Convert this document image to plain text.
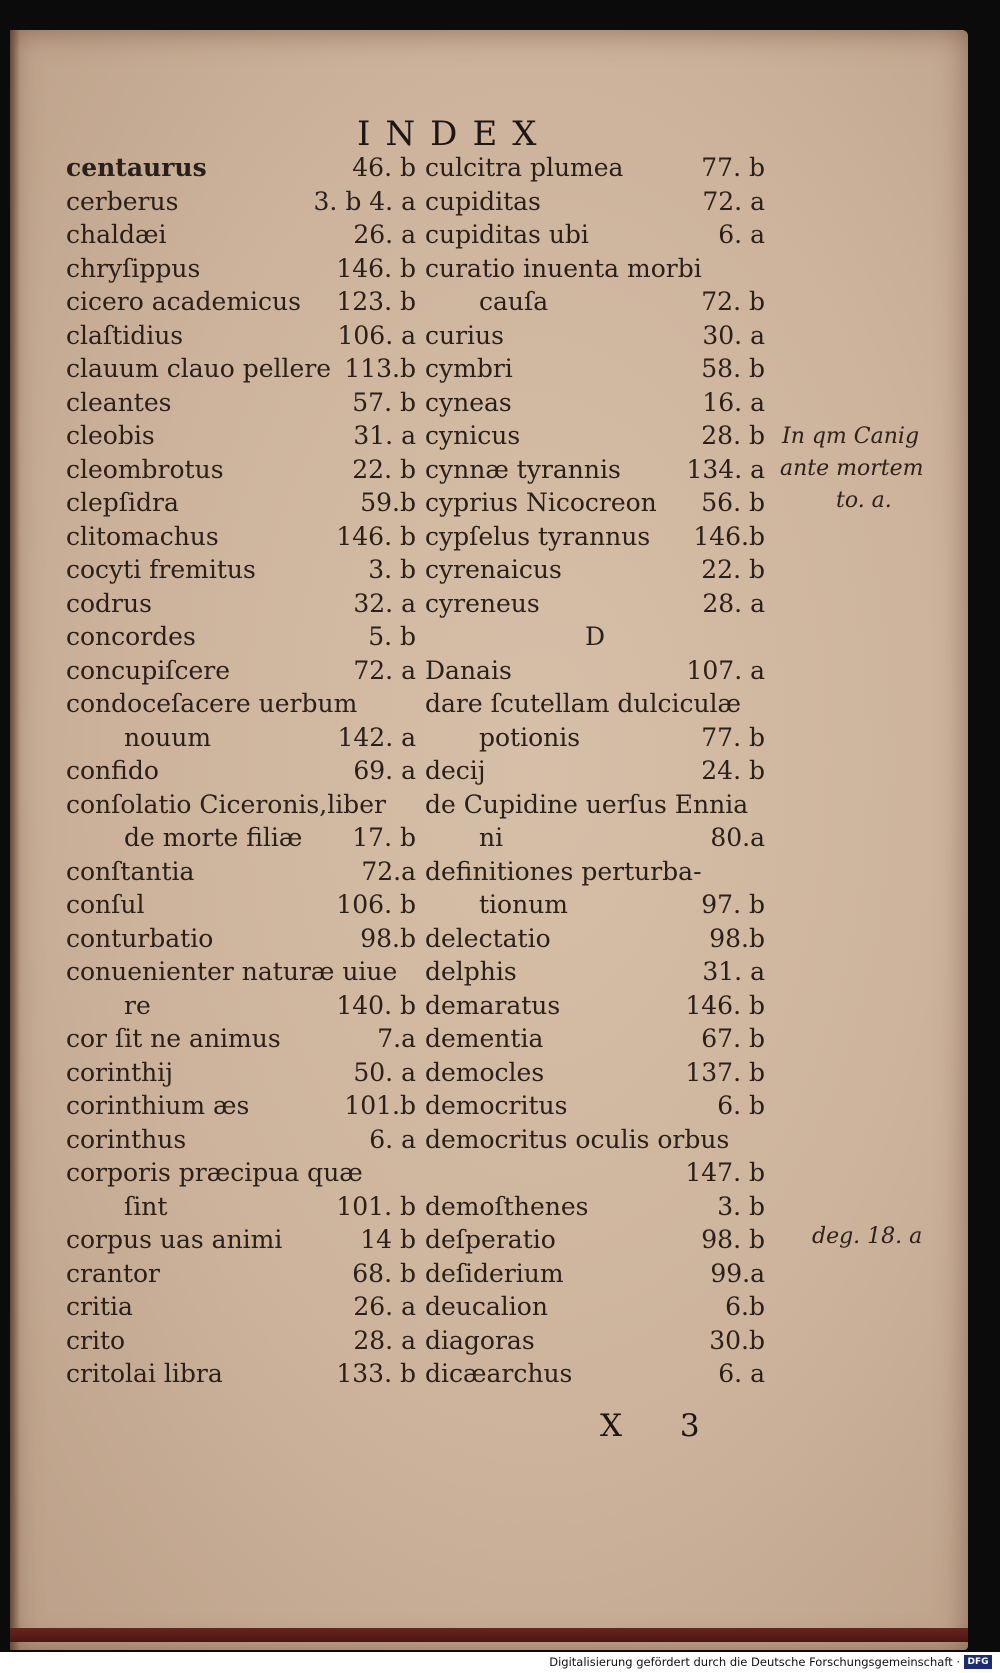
INDEX
centaurus	46. b
cerberus	3. b 4. a
chaldæi	26. a
chryſippus	146. b
cicero academicus 123. b
claſtidius	106. a
clauum clauo pellere 113.b
cleantes	57. b
cleobis	31. a
cleombrotus	22. b
clepſidra	59.b
clitomachus	146. b
cocyti fremitus	3. b
codrus	32. a
concordes	5. b
concupiſcere	72. a
condoceſacere uerbum
nouum	142. a
confido	69. a
conſolatio Ciceronis,liber
de morte filiæ 17. b
conſtantia	72.a
conſul	106. b
conturbatio	98.b
conuenienter naturæ uiue
re	140. b
cor ſit ne animus	7.a
corinthij	50. a
corinthium æs	101.b
corinthus	6. a
corporis præcipua quæ
ſint	101. b
corpus uas animi	14 b
crantor	68. b
critia	26. a
crito	28. a
critolai libra	133. b
culcitra plumea	77. b
cupiditas	72. a
cupiditas ubi	6. a
curatio inuenta morbi
cauſa	72. b
curius	30. a
cymbri	58. b
cyneas	16. a
cynicus	28. b
cynnæ tyrannis	134. a
cyprius Nicocreon 56. b
cypſelus tyrannus 146.b
cyrenaicus	22. b
cyreneus	28. a
D
Danais	107. a
dare ſcutellam dulciculæ
potionis	77. b
decij	24. b
de Cupidine uerſus Ennia
ni	80.a
definitiones perturba-
tionum	97. b
delectatio	98.b
delphis	31. a
demaratus	146. b
dementia	67. b
democles	137. b
democritus	6. b
democritus oculis orbus
147. b
demoſthenes	3. b
deſperatio	98. b
deſiderium	99.a
deucalion	6.b
diagoras	30.b
dicæarchus	6. a
X 3
In qm Canig
ante mortem
to. a.
deg. 18. a
Digitalisierung gefördert durch die Deutsche Forschungsgemeinschaft · DFG
